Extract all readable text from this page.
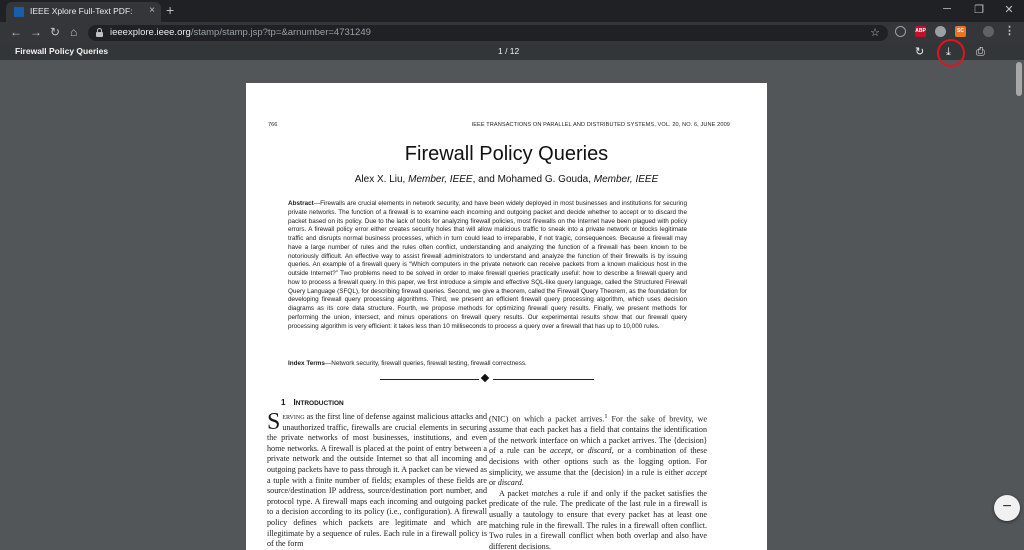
IEEE Xplore Full-Text PDF: × +	─	❐	✕
← → ↻ ⌂	ieeexplore.ieee.org/stamp/stamp.jsp?tp=&arnumber=4731249	☆	ABP	SC	⋮
Firewall Policy Queries	1 / 12	↻ ⤓ ⎙
766	IEEE TRANSACTIONS ON PARALLEL AND DISTRIBUTED SYSTEMS, VOL. 20, NO. 6, JUNE 2009
Firewall Policy Queries
Alex X. Liu, Member, IEEE, and Mohamed G. Gouda, Member, IEEE
Abstract—Firewalls are crucial elements in network security, and have been widely deployed in most businesses and institutions for securing private networks. The function of a firewall is to examine each incoming and outgoing packet and decide whether to accept or to discard the packet based on its policy. Due to the lack of tools for analyzing firewall policies, most firewalls on the Internet have been plagued with policy errors. A firewall policy error either creates security holes that will allow malicious traffic to sneak into a private network or blocks legitimate traffic and disrupts normal business processes, which in turn could lead to irreparable, if not tragic, consequences. Because a firewall may have a large number of rules and the rules often conflict, understanding and analyzing the function of a firewall has been known to be notoriously difficult. An effective way to assist firewall administrators to understand and analyze the function of their firewalls is by issuing queries. An example of a firewall query is “Which computers in the private network can receive packets from a known malicious host in the outside Internet?” Two problems need to be solved in order to make firewall queries practically useful: how to describe a firewall query and how to process a firewall query. In this paper, we first introduce a simple and effective SQL-like query language, called the Structured Firewall Query Language (SFQL), for describing firewall queries. Second, we give a theorem, called the Firewall Query Theorem, as the foundation for developing firewall query processing algorithms. Third, we present an efficient firewall query processing algorithm, which uses decision diagrams as its core data structure. Fourth, we propose methods for optimizing firewall query results. Finally, we present methods for performing the union, intersect, and minus operations on firewall query results. Our experimental results show that our firewall query processing algorithm is very efficient: it takes less than 10 milliseconds to process a query over a firewall that has up to 10,000 rules.
Index Terms—Network security, firewall queries, firewall testing, firewall correctness.
1 INTRODUCTION
Serving as the first line of defense against malicious attacks and unauthorized traffic, firewalls are crucial elements in securing the private networks of most businesses, institutions, and even home networks. A firewall is placed at the point of entry between a private network and the outside Internet so that all incoming and outgoing packets have to pass through it. A packet can be viewed as a tuple with a finite number of fields; examples of these fields are source/destination IP address, source/destination port number, and protocol type. A firewall maps each incoming and outgoing packet to a decision according to its policy (i.e., configuration). A firewall policy defines which packets are legitimate and which are illegitimate by a sequence of rules. Each rule in a firewall policy is of the form

(NIC) on which a packet arrives.$^1$ For the sake of brevity, we assume that each packet has a field that contains the identification of the network interface on which a packet arrives. The ⟨decision⟩ of a rule can be accept, or discard, or a combination of these decisions with other options such as the logging option. For simplicity, we assume that the ⟨decision⟩ in a rule is either accept or discard.

A packet matches a rule if and only if the packet satisfies the predicate of the rule. The predicate of the last rule in a firewall is usually a tautology to ensure that every packet has at least one matching rule in the firewall. The rules in a firewall often conflict. Two rules in a firewall conflict when both overlap and also have different decisions.

−
